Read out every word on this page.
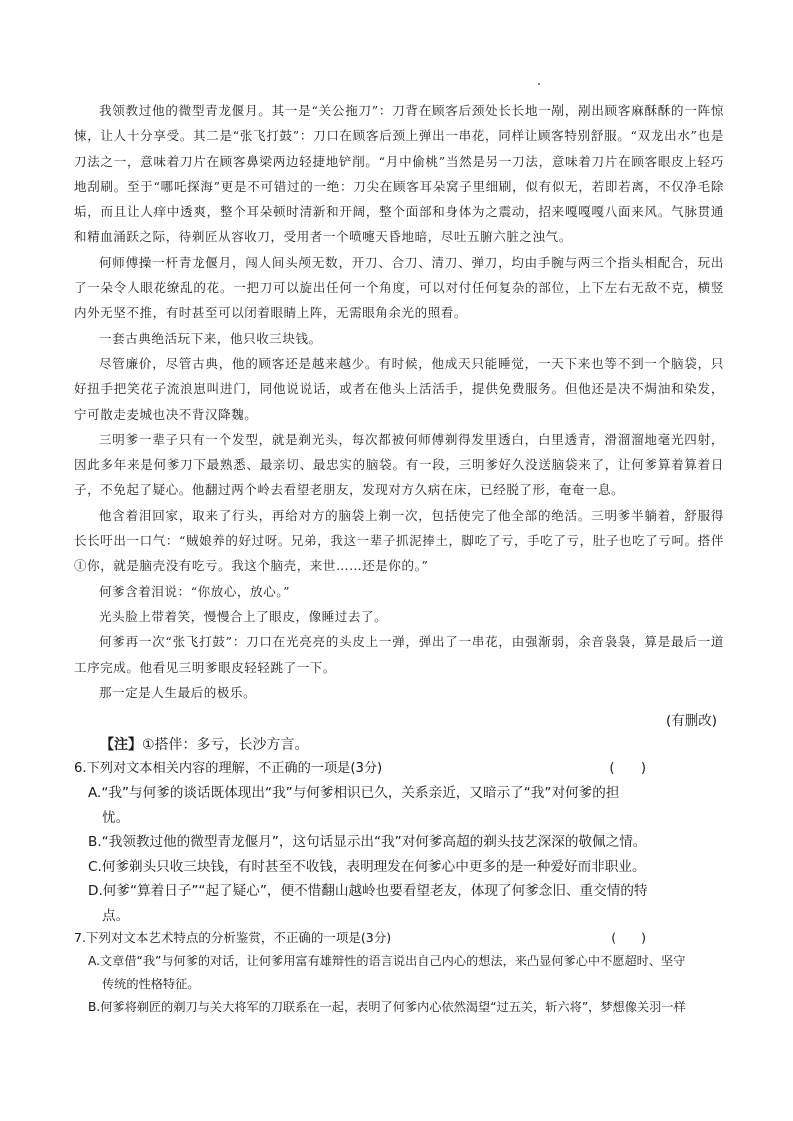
我领教过他的微型青龙偃月。其一是“关公拖刀”：刀背在顾客后颈处长长地一剐，剐出顾客麻酥酥的一阵惊悚，让人十分享受。其二是“张飞打鼓”：刀口在顾客后颈上弹出一串花，同样让顾客特别舒服。“双龙出水”也是刀法之一，意味着刀片在顾客鼻梁两边轻捷地铲削。“月中偷桃”当然是另一刀法，意味着刀片在顾客眼皮上轻巧地刮刷。至于“哪吒探海”更是不可错过的一绝：刀尖在顾客耳朵窝子里细刷，似有似无，若即若离，不仅净毛除垢，而且让人痒中透爽，整个耳朵顿时清新和开阔，整个面部和身体为之震动，招来嘎嘎嘎八面来风。气脉贯通和精血涌跃之际，待剃匠从容收刀，受用者一个喷嚏天昏地暗，尽吐五腑六脏之浊气。

何师傅操一杆青龙偃月，闯人间头颅无数，开刀、合刀、清刀、弹刀，均由手腕与两三个指头相配合，玩出了一朵令人眼花缭乱的花。一把刀可以旋出任何一个角度，可以对付任何复杂的部位，上下左右无敌不克，横竖内外无坚不推，有时甚至可以闭着眼睛上阵，无需眼角余光的照看。

一套古典绝活玩下来，他只收三块钱。

尽管廉价，尽管古典，他的顾客还是越来越少。有时候，他成天只能睡觉，一天下来也等不到一个脑袋，只好扭手把笑花子流浪崽叫进门，同他说说话，或者在他头上活活手，提供免费服务。但他还是决不焗油和染发，宁可散走麦城也决不背汉降魏。

三明爹一辈子只有一个发型，就是剃光头，每次都被何师傅剃得发里透白，白里透青，滑溜溜地毫光四射，因此多年来是何爹刀下最熟悉、最亲切、最忠实的脑袋。有一段，三明爹好久没送脑袋来了，让何爹算着算着日子，不免起了疑心。他翻过两个岭去看望老朋友，发现对方久病在床，已经脱了形，奄奄一息。

他含着泪回家，取来了行头，再给对方的脑袋上剃一次，包括使完了他全部的绝活。三明爹半躺着，舒服得长长吁出一口气：“贼娘养的好过呀。兄弟，我这一辈子抓泥捧土，脚吃了亏，手吃了亏，肚子也吃了亏呵。搭伴①你，就是脑壳没有吃亏。我这个脑壳，来世……还是你的。”

何爹含着泪说：“你放心，放心。”

光头脸上带着笑，慢慢合上了眼皮，像睡过去了。

何爹再一次“张飞打鼓”：刀口在光亮亮的头皮上一弹，弹出了一串花，由强渐弱，余音袅袅，算是最后一道工序完成。他看见三明爹眼皮轻轻跳了一下。

那一定是人生最后的极乐。

(有删改)
【注】①搭伴：多亏，长沙方言。
6.下列对文本相关内容的理解，不正确的一项是(3分)	(　　)
A.“我”与何爹的谈话既体现出“我”与何爹相识已久，关系亲近，又暗示了“我”对何爹的担
忧。
B.“我领教过他的微型青龙偃月”，这句话显示出“我”对何爹高超的剃头技艺深深的敬佩之情。
C.何爹剃头只收三块钱，有时甚至不收钱，表明理发在何爹心中更多的是一种爱好而非职业。
D.何爹“算着日子”“起了疑心”，便不惜翻山越岭也要看望老友，体现了何爹念旧、重交情的特
点。
7.下列对文本艺术特点的分析鉴赏，不正确的一项是(3分)	(　　)
A.文章借“我”与何爹的对话，让何爹用富有雄辩性的语言说出自己内心的想法，来凸显何爹心中不愿超时、坚守
传统的性格特征。
B.何爹将剃匠的剃刀与关大将军的刀联系在一起，表明了何爹内心依然渴望“过五关，斩六将”，梦想像关羽一样
